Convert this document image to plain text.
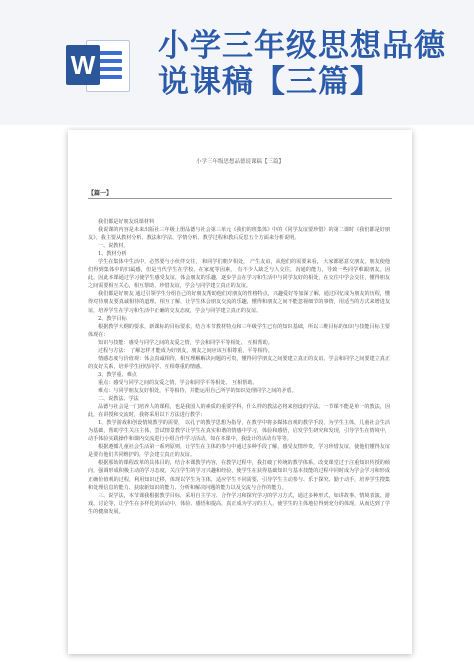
W
小学三年级思想品德说课稿【三篇】
小学三年级思想品德说课稿【三篇】
【篇一】

我们都是好朋友说课材料

我说课的内容是未来出版社三年级上册品德与社会第三单元《我们的班集体》中的《同学友谊要珍惜》的第二课时《我们都是好朋友》。我主要从教材分析、教法和学法、学情分析、教学过程和教后反思五个方面来分析说明。

一、说教材。

1、教材分析

学生在集体中生活中，必然要与小伙伴交往， 和同学们朝夕相处， 产生友谊，从他们的需要来看， 大家都愿意交朋友，朋友使他们得到集体中的归属感，但是当代学生在学校、在家庭等因素， 有不少人缺乏与人交往，沟通的能力，导致一些同学难跟朋友。因此，因此本课通过学习使学生感受友谊，体会朋友的乐趣，逐步学会在学习和生活中与同学友好的相处，在交往中学会交往，懂得朋友之间需要相互关心，相互帮助，珍惜友谊，学会与同学建立真正的友谊。

我们都是好朋友 通过引领学生分组自己的好朋友帮助他们对朋友的性格特点，兴趣爱好等加深了解，通过回忆成为朋友的历程，懂得对待朋友要真诚相待的道理。相互了解，让学生体会朋友交流的乐趣，懂得和朋友之间不能忽视细节的事情，用适当的方式来增进友谊，培养学生在学习和生活中正确的交友态度，学会与同学建立真正的友谊。

2、教学目标

根据教学大纲的要求，新课标的目标要求，结合本节教材特点和三年级学生已有的知识基础，所以三维目标的知识与技能目标主要体现在：

知识与技能：感受与同学之间的友爱之情，学会和同学平等相处、 互相帮助。

过程与方法： 了解怎样才能成为好朋友，朋友之间应该互相尊重，平等相待。

情感态度与价值观：体会真诚相待，相互理解解决问题的可贵，懂得同学朋友之间要建立真正的友谊，学会和同学之间要建立真正的友好关系，培养学生团结同学、互相尊重的情感。

3、教学重、难点

重点：感受与同学之间的友爱之情，学会和同学平等相处、 互相帮助。

难点：与同学朋友友好相处，平等相待，并能运用自己所学的知识处理同学之间的矛盾。

二、说教法、学法

品德与社会是一门培养人的课程，也是我国人的素质的重要学科，什么样的教法必将来创设的学法。一节课不能是单一的教法，因此，在讲授和交流时，我将采用以下方法进行教学：

1、教学游戏和创设情境教学的需要， 以孔子的教学思想为指导，在教学中将多媒体直观的教学手段，为学生主体，儿童社会生活为基础，帮助学生关注主体，尝试情景教学让学生在真实和谐的情感中学习，体验和感悟，启发学生研究和发现，引导学生在情境中，动手体验实践操作和课内交流进行小组合作学习活动，如在本课中，我设计的活动有等等。

根据遵循儿童社会生活第一系列原则，让学生在主体的参与中通过多种手段了解，感受友情珍贵，学习珍惜友谊，使他们懂得友谊是要有他们共同维护的，学会建立真正的友谊。

根据那始的课程改革的具体目的，结合本课教学内容，在教学过程中，我打破了传统的教学体系，改变课堂过于注重知识传授的倾向，强调形成积极主动的学习态度，关注学生的学习兴趣和经验，使学生在获得基础知识与基本技能的过程中同时成为学会学习和形成正确价值观的过程，利用知识迁移，体现以学生为主体，适应学生不同需要，引导学生主动参与、乐于探究、勤于动手，培养学生搜集和处理信息的能力、获取新知识的能力、分析和解决问题的能力以及交流与合作的能力。

三、说学法，本节课我根据教学目标，采用自主学习、合作学习和探究学习的学习方式，通过多种形式，如讲故事、情境表演、游戏、讨论等，让学生在多样化的活动中，体验、感悟和提高，真正成为学习的主人，使学生的主体地位得到充分的体现，从而达到了学生的健康发展。
